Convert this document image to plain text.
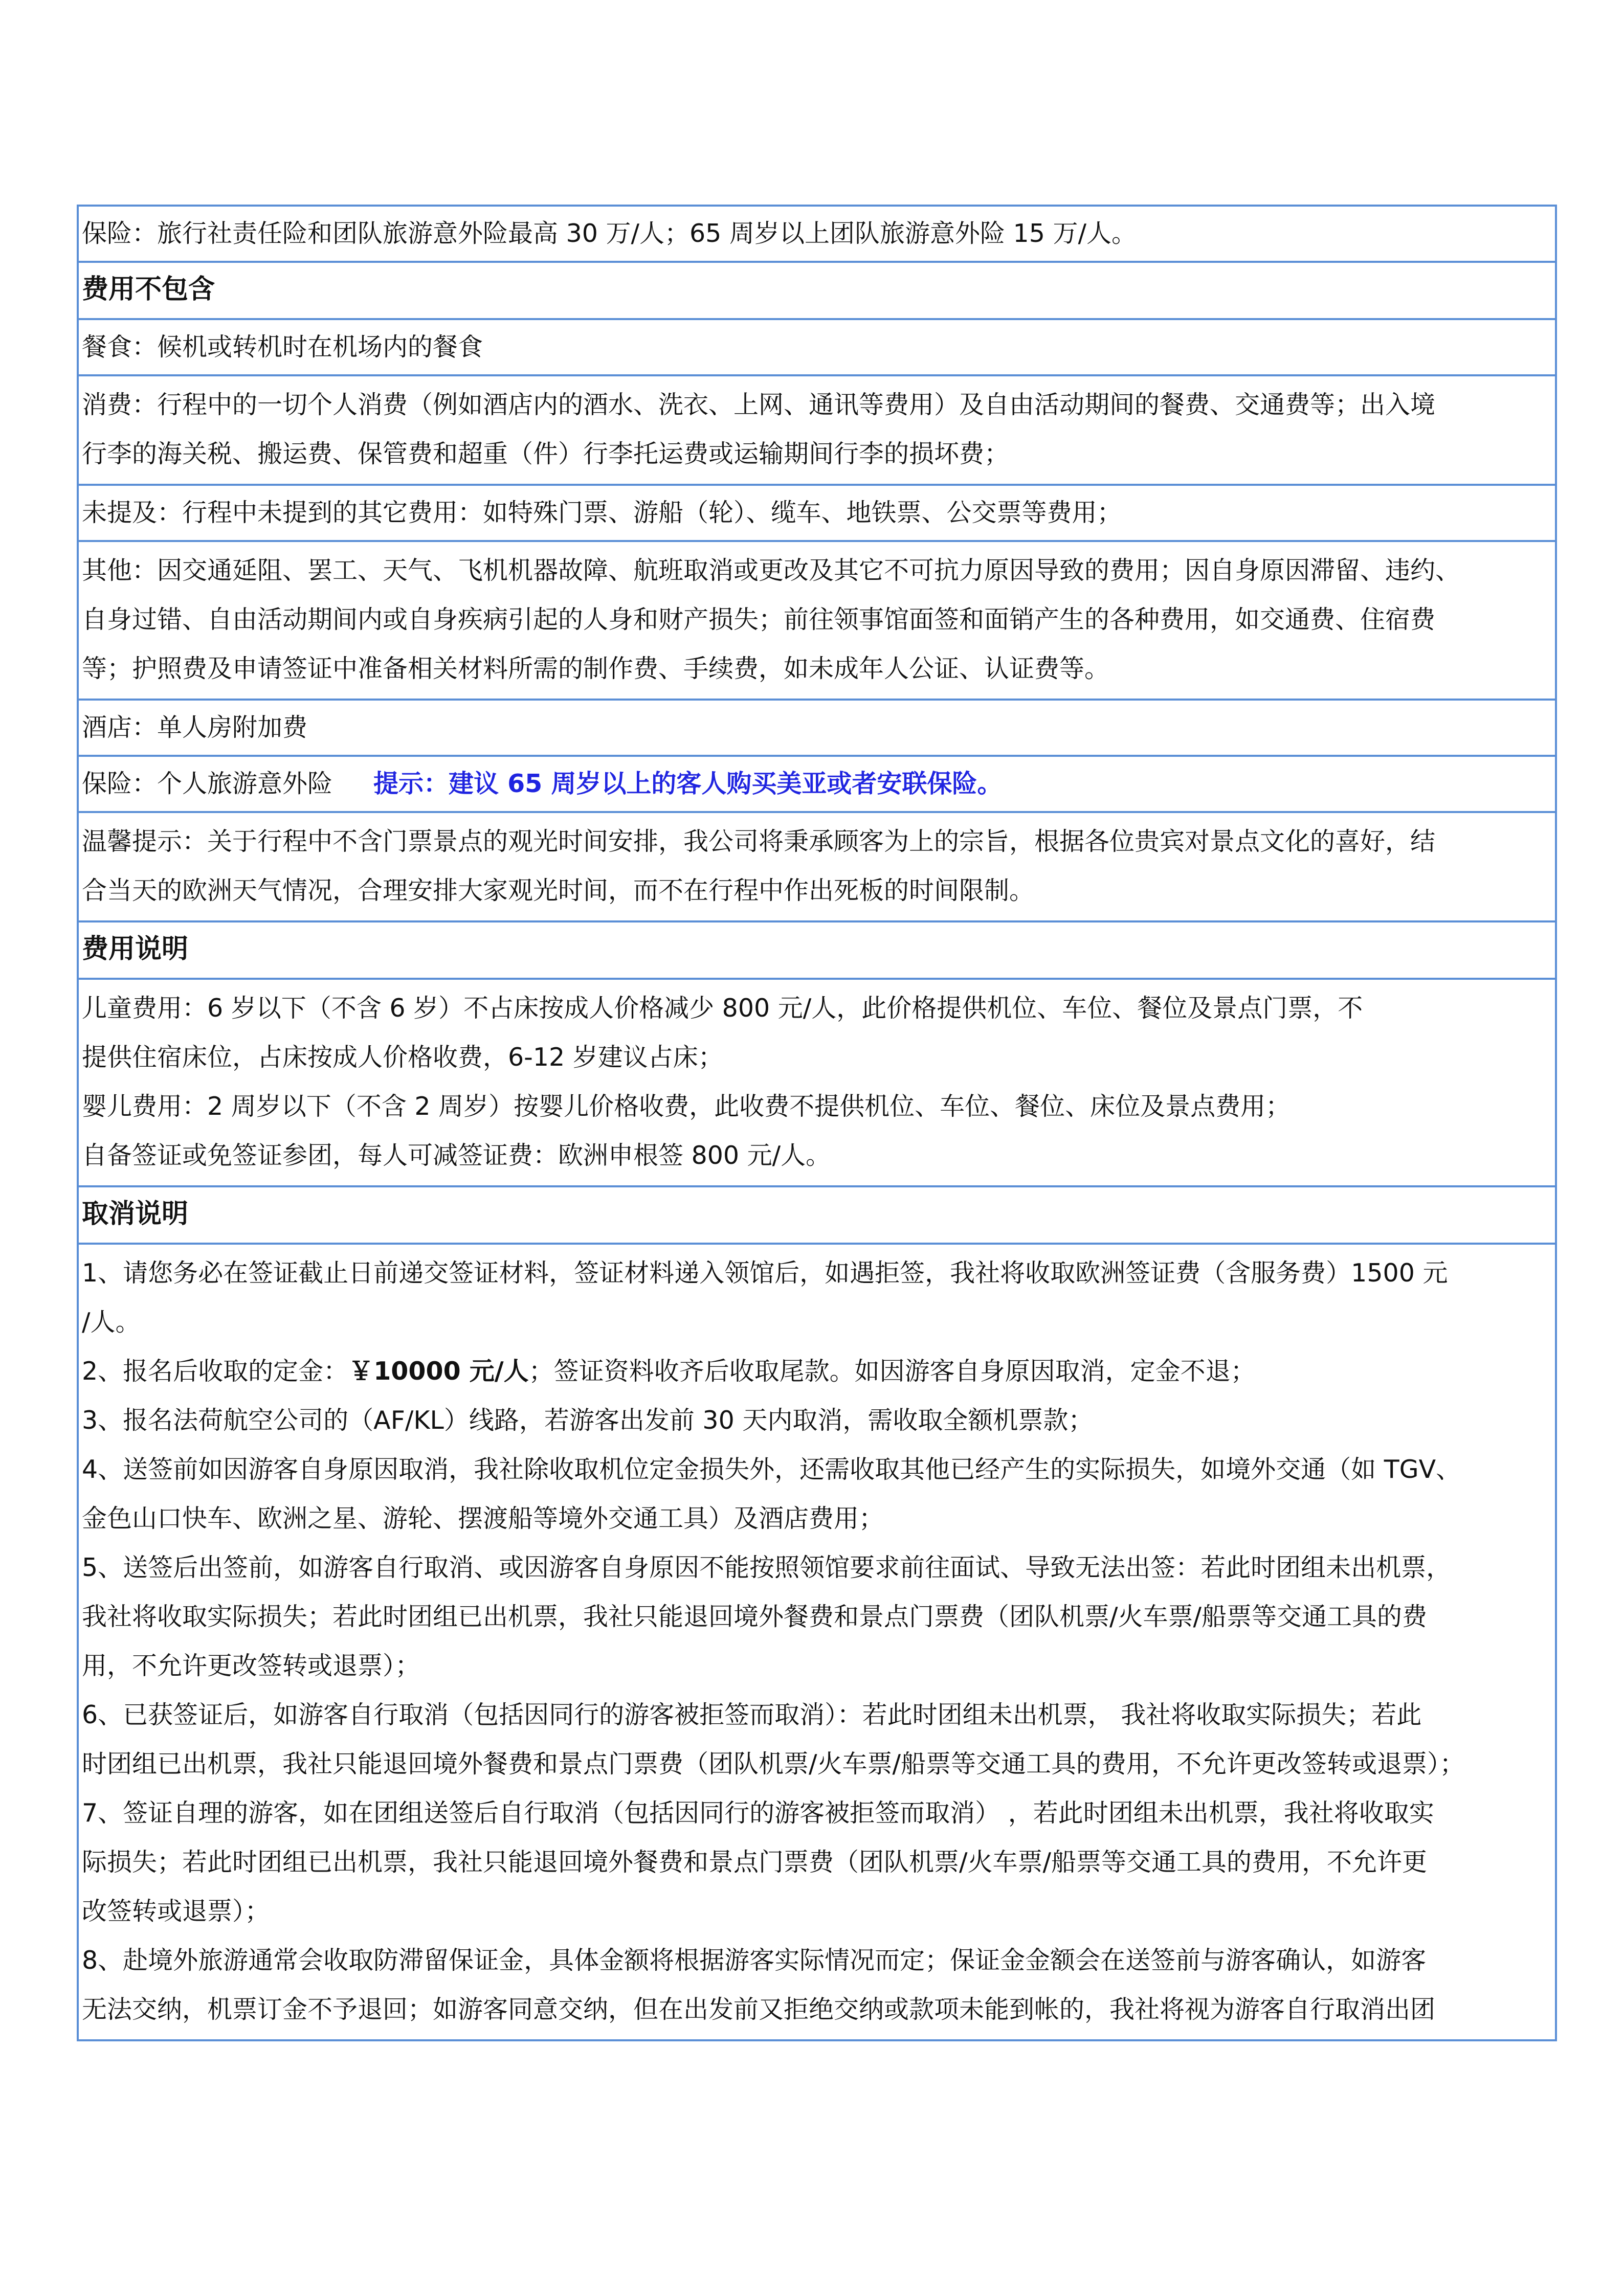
保险：旅行社责任险和团队旅游意外险最高 30 万/人；65 周岁以上团队旅游意外险 15 万/人。
费用不包含
餐食：候机或转机时在机场内的餐食
消费：行程中的一切个人消费（例如酒店内的酒水、洗衣、上网、通讯等费用）及自由活动期间的餐费、交通费等；出入境
行李的海关税、搬运费、保管费和超重（件）行李托运费或运输期间行李的损坏费；
未提及：行程中未提到的其它费用：如特殊门票、游船（轮）、缆车、地铁票、公交票等费用；
其他：因交通延阻、罢工、天气、飞机机器故障、航班取消或更改及其它不可抗力原因导致的费用；因自身原因滞留、违约、
自身过错、自由活动期间内或自身疾病引起的人身和财产损失；前往领事馆面签和面销产生的各种费用，如交通费、住宿费
等；护照费及申请签证中准备相关材料所需的制作费、手续费，如未成年人公证、认证费等。
酒店：单人房附加费
保险：个人旅游意外险 提示：建议 65 周岁以上的客人购买美亚或者安联保险。
温馨提示：关于行程中不含门票景点的观光时间安排，我公司将秉承顾客为上的宗旨，根据各位贵宾对景点文化的喜好，结
合当天的欧洲天气情况，合理安排大家观光时间，而不在行程中作出死板的时间限制。
费用说明
儿童费用：6 岁以下（不含 6 岁）不占床按成人价格减少 800 元/人，此价格提供机位、车位、餐位及景点门票，不
提供住宿床位，占床按成人价格收费，6-12 岁建议占床；
婴儿费用：2 周岁以下（不含 2 周岁）按婴儿价格收费，此收费不提供机位、车位、餐位、床位及景点费用；
自备签证或免签证参团，每人可减签证费：欧洲申根签 800 元/人。
取消说明
1、请您务必在签证截止日前递交签证材料，签证材料递入领馆后，如遇拒签，我社将收取欧洲签证费（含服务费）1500 元
/人。
2、报名后收取的定金：￥10000 元/人；签证资料收齐后收取尾款。如因游客自身原因取消，定金不退；
3、报名法荷航空公司的（AF/KL）线路，若游客出发前 30 天内取消，需收取全额机票款；
4、送签前如因游客自身原因取消，我社除收取机位定金损失外，还需收取其他已经产生的实际损失，如境外交通（如 TGV、
金色山口快车、欧洲之星、游轮、摆渡船等境外交通工具）及酒店费用；
5、送签后出签前，如游客自行取消、或因游客自身原因不能按照领馆要求前往面试、导致无法出签：若此时团组未出机票，
我社将收取实际损失；若此时团组已出机票，我社只能退回境外餐费和景点门票费（团队机票/火车票/船票等交通工具的费
用，不允许更改签转或退票）；
6、已获签证后，如游客自行取消（包括因同行的游客被拒签而取消）：若此时团组未出机票， 我社将收取实际损失；若此
时团组已出机票，我社只能退回境外餐费和景点门票费（团队机票/火车票/船票等交通工具的费用，不允许更改签转或退票）；
7、签证自理的游客，如在团组送签后自行取消（包括因同行的游客被拒签而取消） ，若此时团组未出机票，我社将收取实
际损失；若此时团组已出机票，我社只能退回境外餐费和景点门票费（团队机票/火车票/船票等交通工具的费用，不允许更
改签转或退票）；
8、赴境外旅游通常会收取防滞留保证金，具体金额将根据游客实际情况而定；保证金金额会在送签前与游客确认，如游客
无法交纳，机票订金不予退回；如游客同意交纳，但在出发前又拒绝交纳或款项未能到帐的，我社将视为游客自行取消出团
